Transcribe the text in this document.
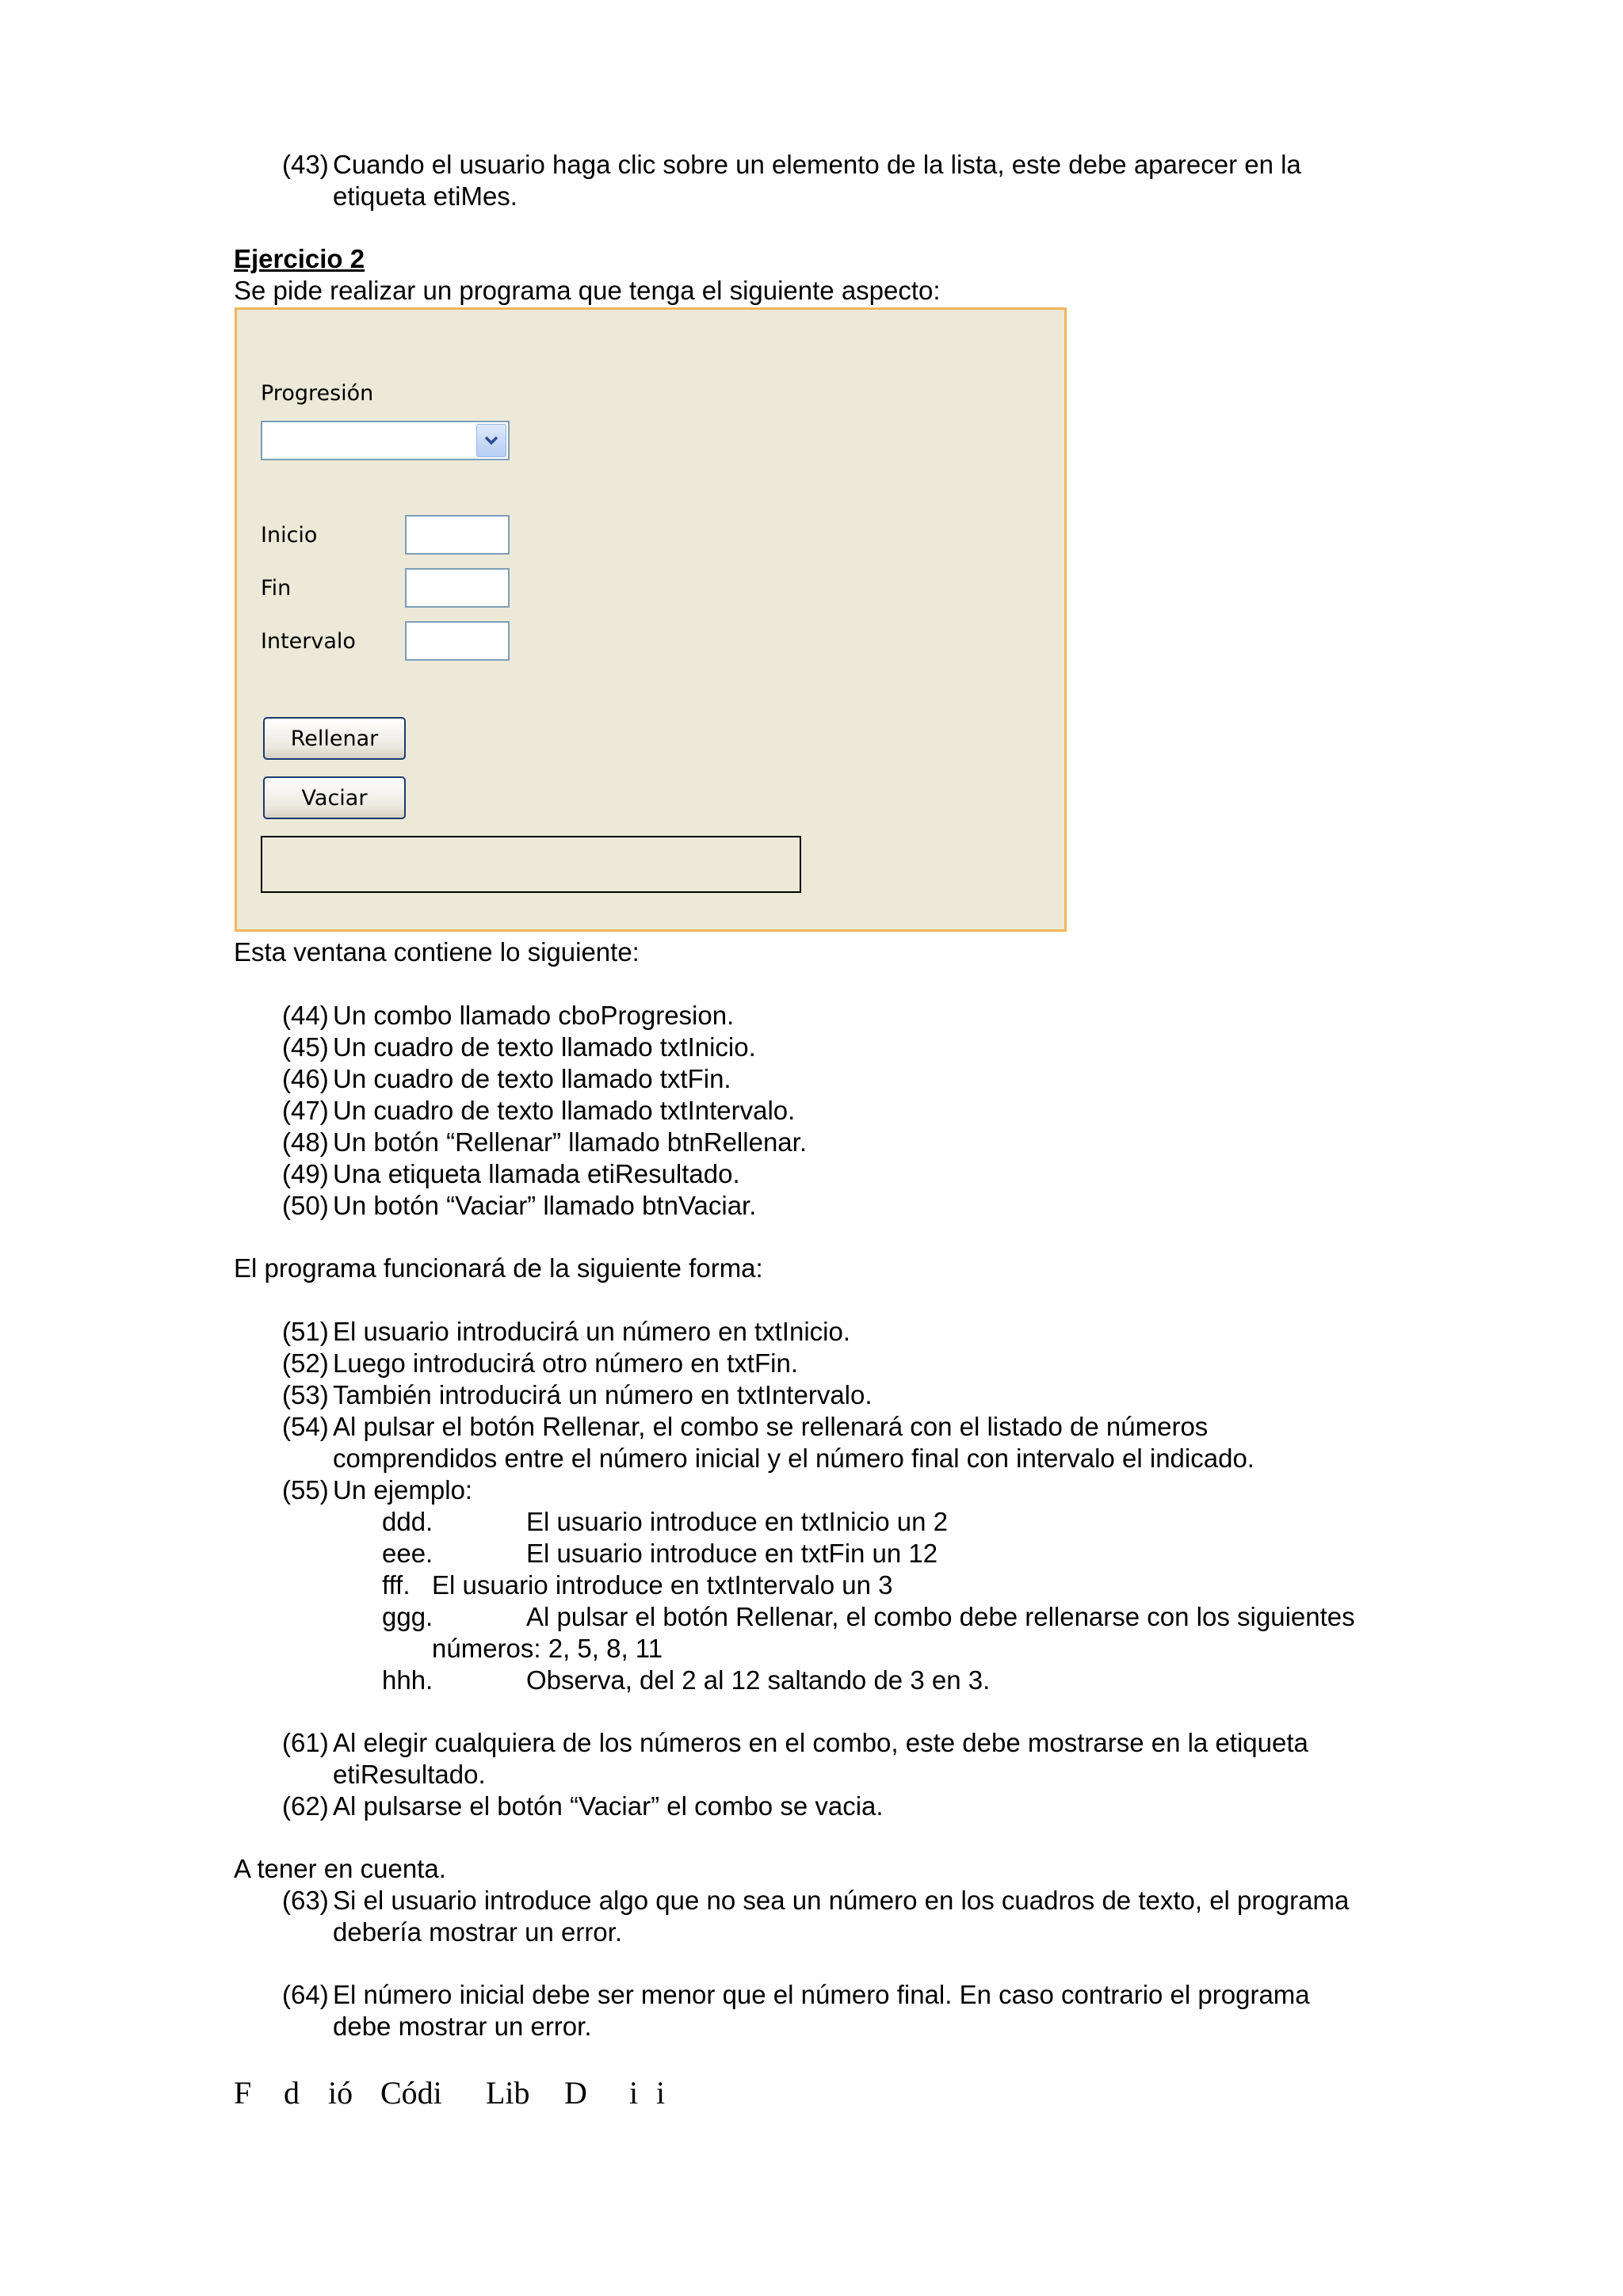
(43) Cuando el usuario haga clic sobre un elemento de la lista, este debe aparecer en la

etiqueta etiMes.

Ejercicio 2

Se pide realizar un programa que tenga el siguiente aspecto:

Progresión
Inicio
Fin
Intervalo
Rellenar
Vaciar

Esta ventana contiene lo siguiente:

(44) Un combo llamado cboProgresion.

(45) Un cuadro de texto llamado txtInicio.

(46) Un cuadro de texto llamado txtFin.

(47) Un cuadro de texto llamado txtIntervalo.

(48) Un botón “Rellenar” llamado btnRellenar.

(49) Una etiqueta llamada etiResultado.

(50) Un botón “Vaciar” llamado btnVaciar.

El programa funcionará de la siguiente forma:

(51) El usuario introducirá un número en txtInicio.

(52) Luego introducirá otro número en txtFin.

(53) También introducirá un número en txtIntervalo.

(54) Al pulsar el botón Rellenar, el combo se rellenará con el listado de números

comprendidos entre el número inicial y el número final con intervalo el indicado.

(55) Un ejemplo:

ddd.	El usuario introduce en txtInicio un 2

eee.	El usuario introduce en txtFin un 12

fff. El usuario introduce en txtIntervalo un 3

ggg.	Al pulsar el botón Rellenar, el combo debe rellenarse con los siguientes

números: 2, 5, 8, 11

hhh.	Observa, del 2 al 12 saltando de 3 en 3.

(61) Al elegir cualquiera de los números en el combo, este debe mostrarse en la etiqueta

etiResultado.

(62) Al pulsarse el botón “Vaciar” el combo se vacia.

A tener en cuenta.

(63) Si el usuario introduce algo que no sea un número en los cuadros de texto, el programa

debería mostrar un error.

(64) El número inicial debe ser menor que el número final. En caso contrario el programa

debe mostrar un error.

F d ió Códi Lib D i i
